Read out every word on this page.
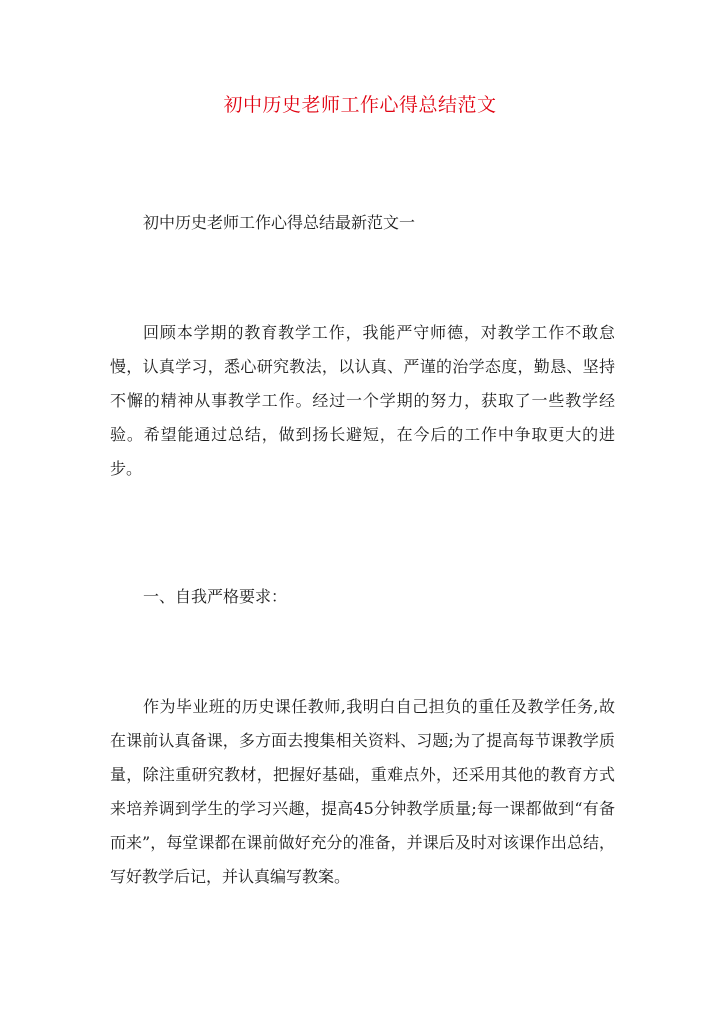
初中历史老师工作心得总结范文
初中历史老师工作心得总结最新范文一

回顾本学期的教育教学工作，我能严守师德，对教学工作不敢怠慢，认真学习，悉心研究教法，以认真、严谨的治学态度，勤恳、坚持不懈的精神从事教学工作。经过一个学期的努力，获取了一些教学经验。希望能通过总结，做到扬长避短，在今后的工作中争取更大的进步。

一、自我严格要求：

作为毕业班的历史课任教师,我明白自己担负的重任及教学任务,故在课前认真备课，多方面去搜集相关资料、习题;为了提高每节课教学质量，除注重研究教材，把握好基础，重难点外，还采用其他的教育方式来培养调到学生的学习兴趣，提高45分钟教学质量;每一课都做到“有备而来”，每堂课都在课前做好充分的准备，并课后及时对该课作出总结，写好教学后记，并认真编写教案。
